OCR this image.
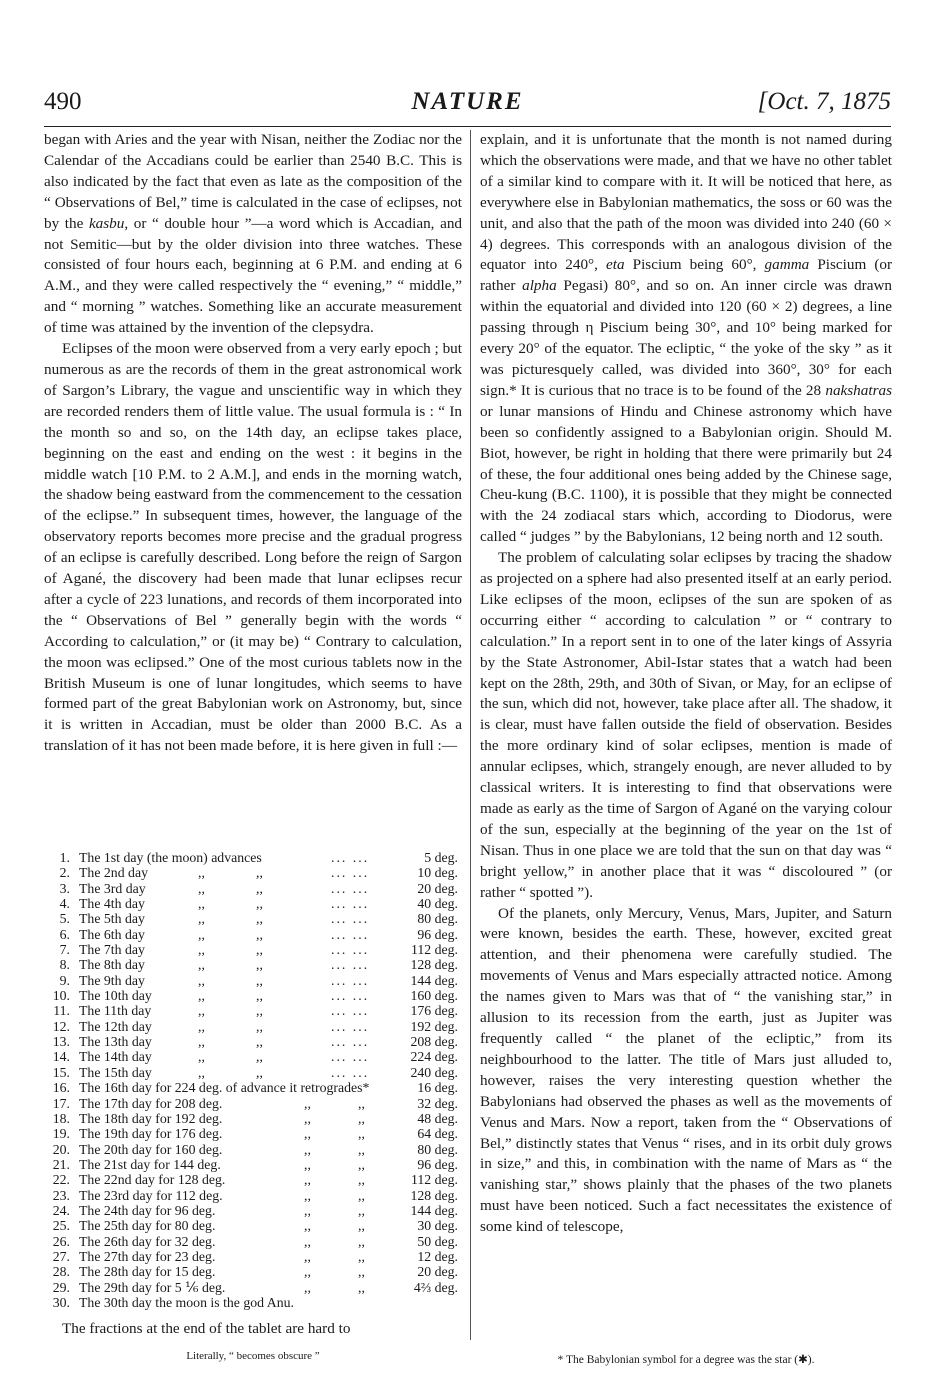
490	NATURE	[Oct. 7, 1875

began with Aries and the year with Nisan, neither the Zodiac nor the Calendar of the Accadians could be earlier than 2540 B.C. This is also indicated by the fact that even as late as the composition of the “ Observations of Bel,” time is calculated in the case of eclipses, not by the kasbu, or “ double hour ”—a word which is Accadian, and not Semitic—but by the older division into three watches. These consisted of four hours each, beginning at 6 P.M. and ending at 6 A.M., and they were called respectively the “ evening,” “ middle,” and “ morning ” watches. Something like an accurate measurement of time was attained by the invention of the clepsydra.

Eclipses of the moon were observed from a very early epoch ; but numerous as are the records of them in the great astronomical work of Sargon’s Library, the vague and unscientific way in which they are recorded renders them of little value. The usual formula is : “ In the month so and so, on the 14th day, an eclipse takes place, beginning on the east and ending on the west : it begins in the middle watch [10 P.M. to 2 A.M.], and ends in the morning watch, the shadow being eastward from the commencement to the cessation of the eclipse.” In subsequent times, however, the language of the observatory reports becomes more precise and the gradual progress of an eclipse is carefully described. Long before the reign of Sargon of Agané, the discovery had been made that lunar eclipses recur after a cycle of 223 lunations, and records of them incorporated into the “ Observations of Bel ” generally begin with the words “ According to calculation,” or (it may be) “ Contrary to calculation, the moon was eclipsed.” One of the most curious tablets now in the British Museum is one of lunar longitudes, which seems to have formed part of the great Babylonian work on Astronomy, but, since it is written in Accadian, must be older than 2000 B.C. As a translation of it has not been made before, it is here given in full :—

1. The 1st day (the moon) advances	... ...	5 deg.
2. The 2nd day	,,	,,	... ...	10 deg.
3. The 3rd day	,,	,,	... ...	20 deg.
4. The 4th day	,,	,,	... ...	40 deg.
5. The 5th day	,,	,,	... ...	80 deg.
6. The 6th day	,,	,,	... ...	96 deg.
7. The 7th day	,,	,,	... ...	112 deg.
8. The 8th day	,,	,,	... ...	128 deg.
9. The 9th day	,,	,,	... ...	144 deg.
10. The 10th day	,,	,,	... ...	160 deg.
11. The 11th day	,,	,,	... ...	176 deg.
12. The 12th day	,,	,,	... ...	192 deg.
13. The 13th day	,,	,,	... ...	208 deg.
14. The 14th day	,,	,,	... ...	224 deg.
15. The 15th day	,,	,,	... ...	240 deg.
16. The 16th day for 224 deg. of advance it retrogrades*	16 deg.
17. The 17th day for 208 deg.	,,	,,	32 deg.
18. The 18th day for 192 deg.	,,	,,	48 deg.
19. The 19th day for 176 deg.	,,	,,	64 deg.
20. The 20th day for 160 deg.	,,	,,	80 deg.
21. The 21st day for 144 deg.	,,	,,	96 deg.
22. The 22nd day for 128 deg.	,,	,,	112 deg.
23. The 23rd day for 112 deg.	,,	,,	128 deg.
24. The 24th day for 96 deg.	,,	,,	144 deg.
25. The 25th day for 80 deg.	,,	,,	30 deg.
26. The 26th day for 32 deg.	,,	,,	50 deg.
27. The 27th day for 23 deg.	,,	,,	12 deg.
28. The 28th day for 15 deg.	,,	,,	20 deg.
29. The 29th day for 5 ⅙ deg.	,,	,,	4⅔ deg.
30. The 30th day the moon is the god Anu.
The fractions at the end of the tablet are hard to
Literally, “ becomes obscure ”

explain, and it is unfortunate that the month is not named during which the observations were made, and that we have no other tablet of a similar kind to compare with it. It will be noticed that here, as everywhere else in Babylonian mathematics, the soss or 60 was the unit, and also that the path of the moon was divided into 240 (60 × 4) degrees. This corresponds with an analogous division of the equator into 240°, eta Piscium being 60°, gamma Piscium (or rather alpha Pegasi) 80°, and so on. An inner circle was drawn within the equatorial and divided into 120 (60 × 2) degrees, a line passing through η Piscium being 30°, and 10° being marked for every 20° of the equator. The ecliptic, “ the yoke of the sky ” as it was picturesquely called, was divided into 360°, 30° for each sign.* It is curious that no trace is to be found of the 28 nakshatras or lunar mansions of Hindu and Chinese astronomy which have been so confidently assigned to a Babylonian origin. Should M. Biot, however, be right in holding that there were primarily but 24 of these, the four additional ones being added by the Chinese sage, Cheu-kung (B.C. 1100), it is possible that they might be connected with the 24 zodiacal stars which, according to Diodorus, were called “ judges ” by the Babylonians, 12 being north and 12 south.

The problem of calculating solar eclipses by tracing the shadow as projected on a sphere had also presented itself at an early period. Like eclipses of the moon, eclipses of the sun are spoken of as occurring either “ according to calculation ” or “ contrary to calculation.” In a report sent in to one of the later kings of Assyria by the State Astronomer, Abil-Istar states that a watch had been kept on the 28th, 29th, and 30th of Sivan, or May, for an eclipse of the sun, which did not, however, take place after all. The shadow, it is clear, must have fallen outside the field of observation. Besides the more ordinary kind of solar eclipses, mention is made of annular eclipses, which, strangely enough, are never alluded to by classical writers. It is interesting to find that observations were made as early as the time of Sargon of Agané on the varying colour of the sun, especially at the beginning of the year on the 1st of Nisan. Thus in one place we are told that the sun on that day was “ bright yellow,” in another place that it was “ discoloured ” (or rather “ spotted ”).

Of the planets, only Mercury, Venus, Mars, Jupiter, and Saturn were known, besides the earth. These, however, excited great attention, and their phenomena were carefully studied. The movements of Venus and Mars especially attracted notice. Among the names given to Mars was that of “ the vanishing star,” in allusion to its recession from the earth, just as Jupiter was frequently called “ the planet of the ecliptic,” from its neighbourhood to the latter. The title of Mars just alluded to, however, raises the very interesting question whether the Babylonians had observed the phases as well as the movements of Venus and Mars. Now a report, taken from the “ Observations of Bel,” distinctly states that Venus “ rises, and in its orbit duly grows in size,” and this, in combination with the name of Mars as “ the vanishing star,” shows plainly that the phases of the two planets must have been noticed. Such a fact necessitates the existence of some kind of telescope,

* The Babylonian symbol for a degree was the star (✱).
